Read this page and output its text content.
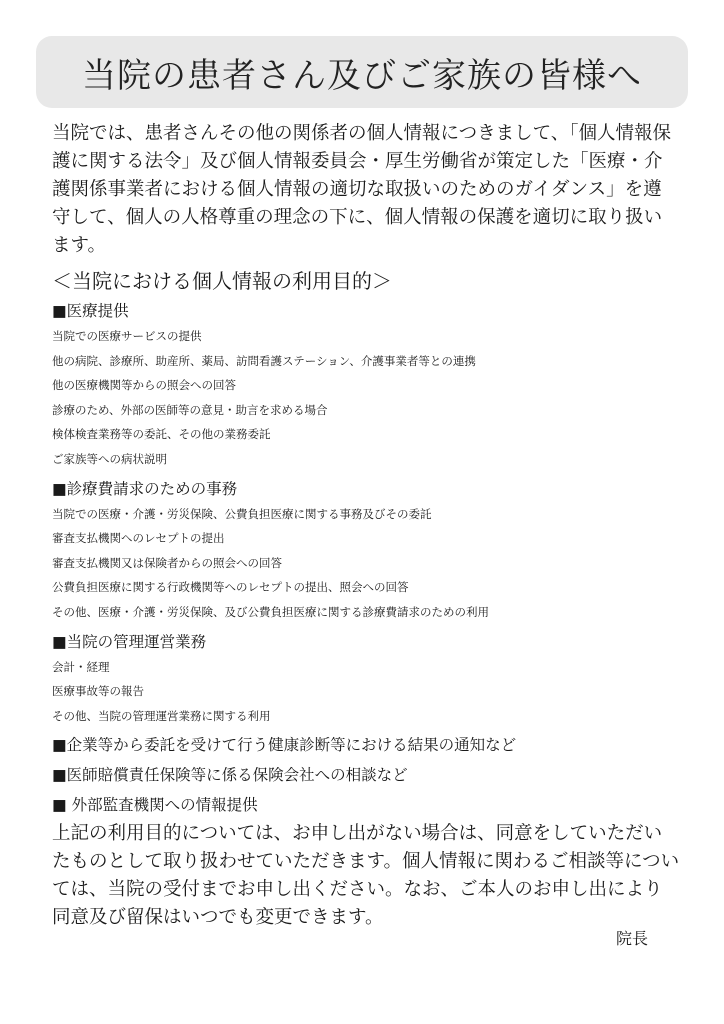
当院の患者さん及びご家族の皆様へ

当院では、患者さんその他の関係者の個人情報につきまして、「個人情報保護に関する法令」及び個人情報委員会・厚生労働省が策定した「医療・介護関係事業者における個人情報の適切な取扱いのためのガイダンス」を遵守して、個人の人格尊重の理念の下に、個人情報の保護を適切に取り扱います。

＜当院における個人情報の利用目的＞

■医療提供

当院での医療サービスの提供

他の病院、診療所、助産所、薬局、訪問看護ステーション、介護事業者等との連携

他の医療機関等からの照会への回答

診療のため、外部の医師等の意見・助言を求める場合

検体検査業務等の委託、その他の業務委託

ご家族等への病状説明

■診療費請求のための事務

当院での医療・介護・労災保険、公費負担医療に関する事務及びその委託

審査支払機関へのレセプトの提出

審査支払機関又は保険者からの照会への回答

公費負担医療に関する行政機関等へのレセプトの提出、照会への回答

その他、医療・介護・労災保険、及び公費負担医療に関する診療費請求のための利用

■当院の管理運営業務

会計・経理

医療事故等の報告

その他、当院の管理運営業務に関する利用

■企業等から委託を受けて行う健康診断等における結果の通知など

■医師賠償責任保険等に係る保険会社への相談など

■ 外部監査機関への情報提供

上記の利用目的については、お申し出がない場合は、同意をしていただいたものとして取り扱わせていただきます。個人情報に関わるご相談等については、当院の受付までお申し出ください。なお、ご本人のお申し出により同意及び留保はいつでも変更できます。

院長
